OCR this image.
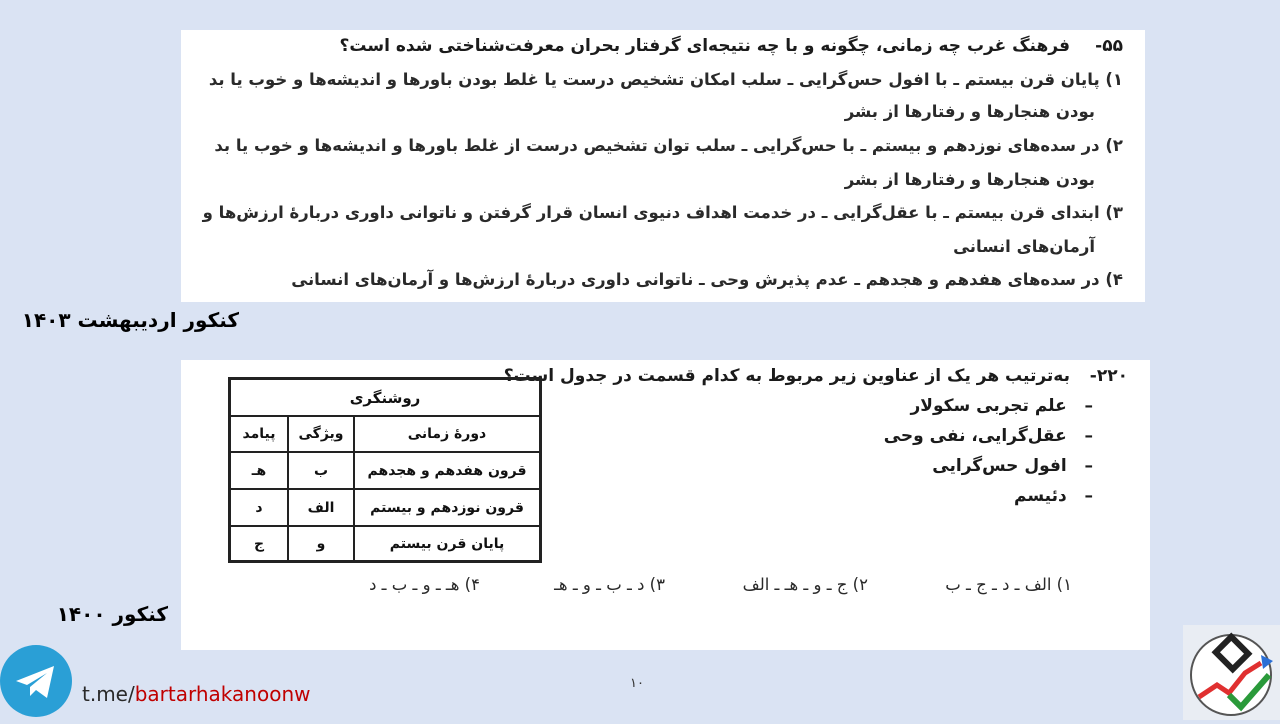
۵۵-
فرهنگ غرب چه زمانی، چگونه و با چه نتیجه‌ای گرفتار بحران معرفت‌شناختی شده است؟
۱) پایان قرن بیستم ـ با افول حس‌گرایی ـ سلب امکان تشخیص درست یا غلط بودن باورها و اندیشه‌ها و خوب یا بد
بودن هنجارها و رفتارها از بشر
۲) در سده‌های نوزدهم و بیستم ـ با حس‌گرایی ـ سلب توان تشخیص درست از غلط باورها و اندیشه‌ها و خوب یا بد
بودن هنجارها و رفتارها از بشر
۳) ابتدای قرن بیستم ـ با عقل‌گرایی ـ در خدمت اهداف دنیوی انسان قرار گرفتن و ناتوانی داوری دربارهٔ ارزش‌ها و
آرمان‌های انسانی
۴) در سده‌های هفدهم و هجدهم ـ عدم پذیرش وحی ـ ناتوانی داوری دربارهٔ ارزش‌ها و آرمان‌های انسانی
کنکور اردیبهشت ۱۴۰۳
۲۲۰-
به‌ترتیب هر یک از عناوین زیر مربوط به کدام قسمت در جدول است؟
–   علم تجربی سکولار
–   عقل‌گرایی، نفی وحی
–   افول حس‌گرایی
–   دئیسم
روشنگری
دورهٔ زمانی
ویژگی
پیامد
قرون هفدهم و هجدهم
ب
هـ
قرون نوزدهم و بیستم
الف
د
پایان قرن بیستم
و
ج
۱) الف ـ د ـ ج ـ ب
۲) ج ـ و ـ هـ ـ الف
۳) د ـ ب ـ و ـ هـ
۴) هـ ـ و ـ ب ـ د
کنکور ۱۴۰۰
t.me/bartarhakanoonw	۱۰
